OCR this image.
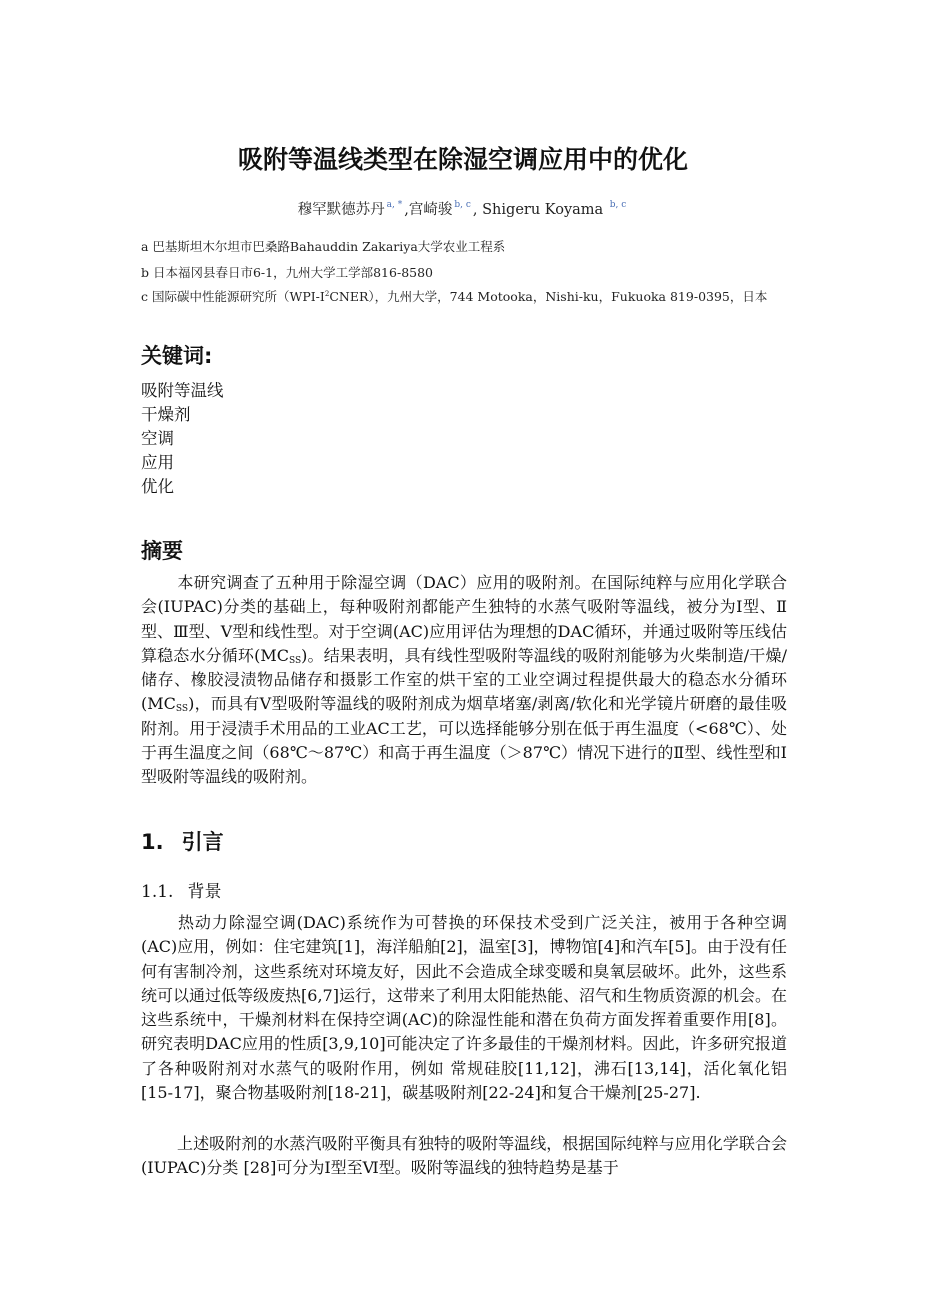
吸附等温线类型在除湿空调应用中的优化
穆罕默德苏丹 $^{a, *}$ ,宫崎骏 $^{b, c}$ , Shigeru Koyama $^{b, c}$
a 巴基斯坦木尔坦市巴桑路Bahauddin Zakariya大学农业工程系
b 日本福冈县春日市6-1，九州大学工学部816-8580
c 国际碳中性能源研究所$(WPI-I^2CNER)$，九州大学，744 Motooka，Nishi-ku，Fukuoka 819-0395，日本
关键词:
吸附等温线
干燥剂
空调
应用
优化
摘要

本研究调查了五种用于除湿空调（DAC）应用的吸附剂。在国际纯粹与应用化学联合会(IUPAC)分类的基础上，每种吸附剂都能产生独特的水蒸气吸附等温线，被分为Ⅰ型、Ⅱ型、Ⅲ型、Ⅴ型和线性型。对于空调(AC)应用评估为理想的DAC循环，并通过吸附等压线估算稳态水分循环$(MC_{SS})$。结果表明，具有线性型吸附等温线的吸附剂能够为火柴制造/干燥/储存、橡胶浸渍物品储存和摄影工作室的烘干室的工业空调过程提供最大的稳态水分循环$(MC_{SS})$，而具有Ⅴ型吸附等温线的吸附剂成为烟草堵塞/剥离/软化和光学镜片研磨的最佳吸附剂。用于浸渍手术用品的工业AC工艺，可以选择能够分别在低于再生温度（<68℃）、处于再生温度之间（68℃～87℃）和高于再生温度（＞87℃）情况下进行的Ⅱ型、线性型和Ⅰ型吸附等温线的吸附剂。

1. 引言
1.1. 背景

热动力除湿空调(DAC)系统作为可替换的环保技术受到广泛关注，被用于各种空调(AC)应用，例如：住宅建筑[1]，海洋船舶[2]，温室[3]，博物馆[4]和汽车[5]。由于没有任何有害制冷剂，这些系统对环境友好，因此不会造成全球变暖和臭氧层破坏。此外，这些系统可以通过低等级废热[6,7]运行，这带来了利用太阳能热能、沼气和生物质资源的机会。在这些系统中，干燥剂材料在保持空调(AC)的除湿性能和潜在负荷方面发挥着重要作用[8]。研究表明DAC应用的性质[3,9,10]可能决定了许多最佳的干燥剂材料。因此，许多研究报道了各种吸附剂对水蒸气的吸附作用，例如 常规硅胶[11,12]，沸石[13,14]，活化氧化铝[15-17]，聚合物基吸附剂[18-21]，碳基吸附剂[22-24]和复合干燥剂[25-27].

上述吸附剂的水蒸汽吸附平衡具有独特的吸附等温线，根据国际纯粹与应用化学联合会(IUPAC)分类 [28]可分为Ⅰ型至Ⅵ型。吸附等温线的独特趋势是基于
